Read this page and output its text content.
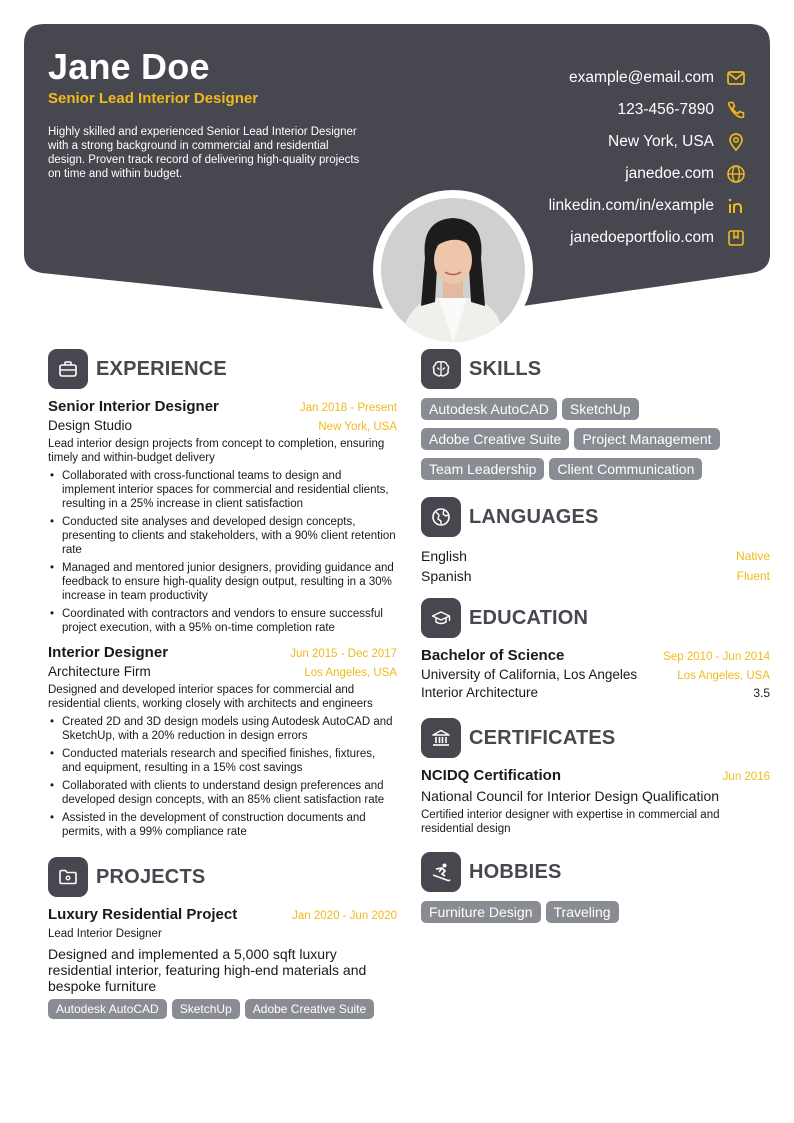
Jane Doe
Senior Lead Interior Designer
Highly skilled and experienced Senior Lead Interior Designer with a strong background in commercial and residential design. Proven track record of delivering high-quality projects on time and within budget.
example@email.com
123-456-7890
New York, USA
janedoe.com
linkedin.com/in/example
janedoeportfolio.com
EXPERIENCE
Senior Interior Designer	Jan 2018 - Present
Design Studio	New York, USA
Lead interior design projects from concept to completion, ensuring timely and within-budget delivery
• Collaborated with cross-functional teams to design and implement interior spaces for commercial and residential clients, resulting in a 25% increase in client satisfaction
• Conducted site analyses and developed design concepts, presenting to clients and stakeholders, with a 90% client retention rate
• Managed and mentored junior designers, providing guidance and feedback to ensure high-quality design output, resulting in a 30% increase in team productivity
• Coordinated with contractors and vendors to ensure successful project execution, with a 95% on-time completion rate
Interior Designer	Jun 2015 - Dec 2017
Architecture Firm	Los Angeles, USA
Designed and developed interior spaces for commercial and residential clients, working closely with architects and engineers
• Created 2D and 3D design models using Autodesk AutoCAD and SketchUp, with a 20% reduction in design errors
• Conducted materials research and specified finishes, fixtures, and equipment, resulting in a 15% cost savings
• Collaborated with clients to understand design preferences and developed design concepts, with an 85% client satisfaction rate
• Assisted in the development of construction documents and permits, with a 99% compliance rate
PROJECTS
Luxury Residential Project	Jan 2020 - Jun 2020
Lead Interior Designer
Designed and implemented a 5,000 sqft luxury residential interior, featuring high-end materials and bespoke furniture
Autodesk AutoCAD SketchUp Adobe Creative Suite
SKILLS
Autodesk AutoCAD SketchUp
Adobe Creative Suite Project Management
Team Leadership Client Communication
LANGUAGES
English	Native
Spanish	Fluent
EDUCATION
Bachelor of Science	Sep 2010 - Jun 2014
University of California, Los Angeles	Los Angeles, USA
Interior Architecture	3.5
CERTIFICATES
NCIDQ Certification	Jun 2016
National Council for Interior Design Qualification
Certified interior designer with expertise in commercial and residential design
HOBBIES
Furniture Design Traveling
